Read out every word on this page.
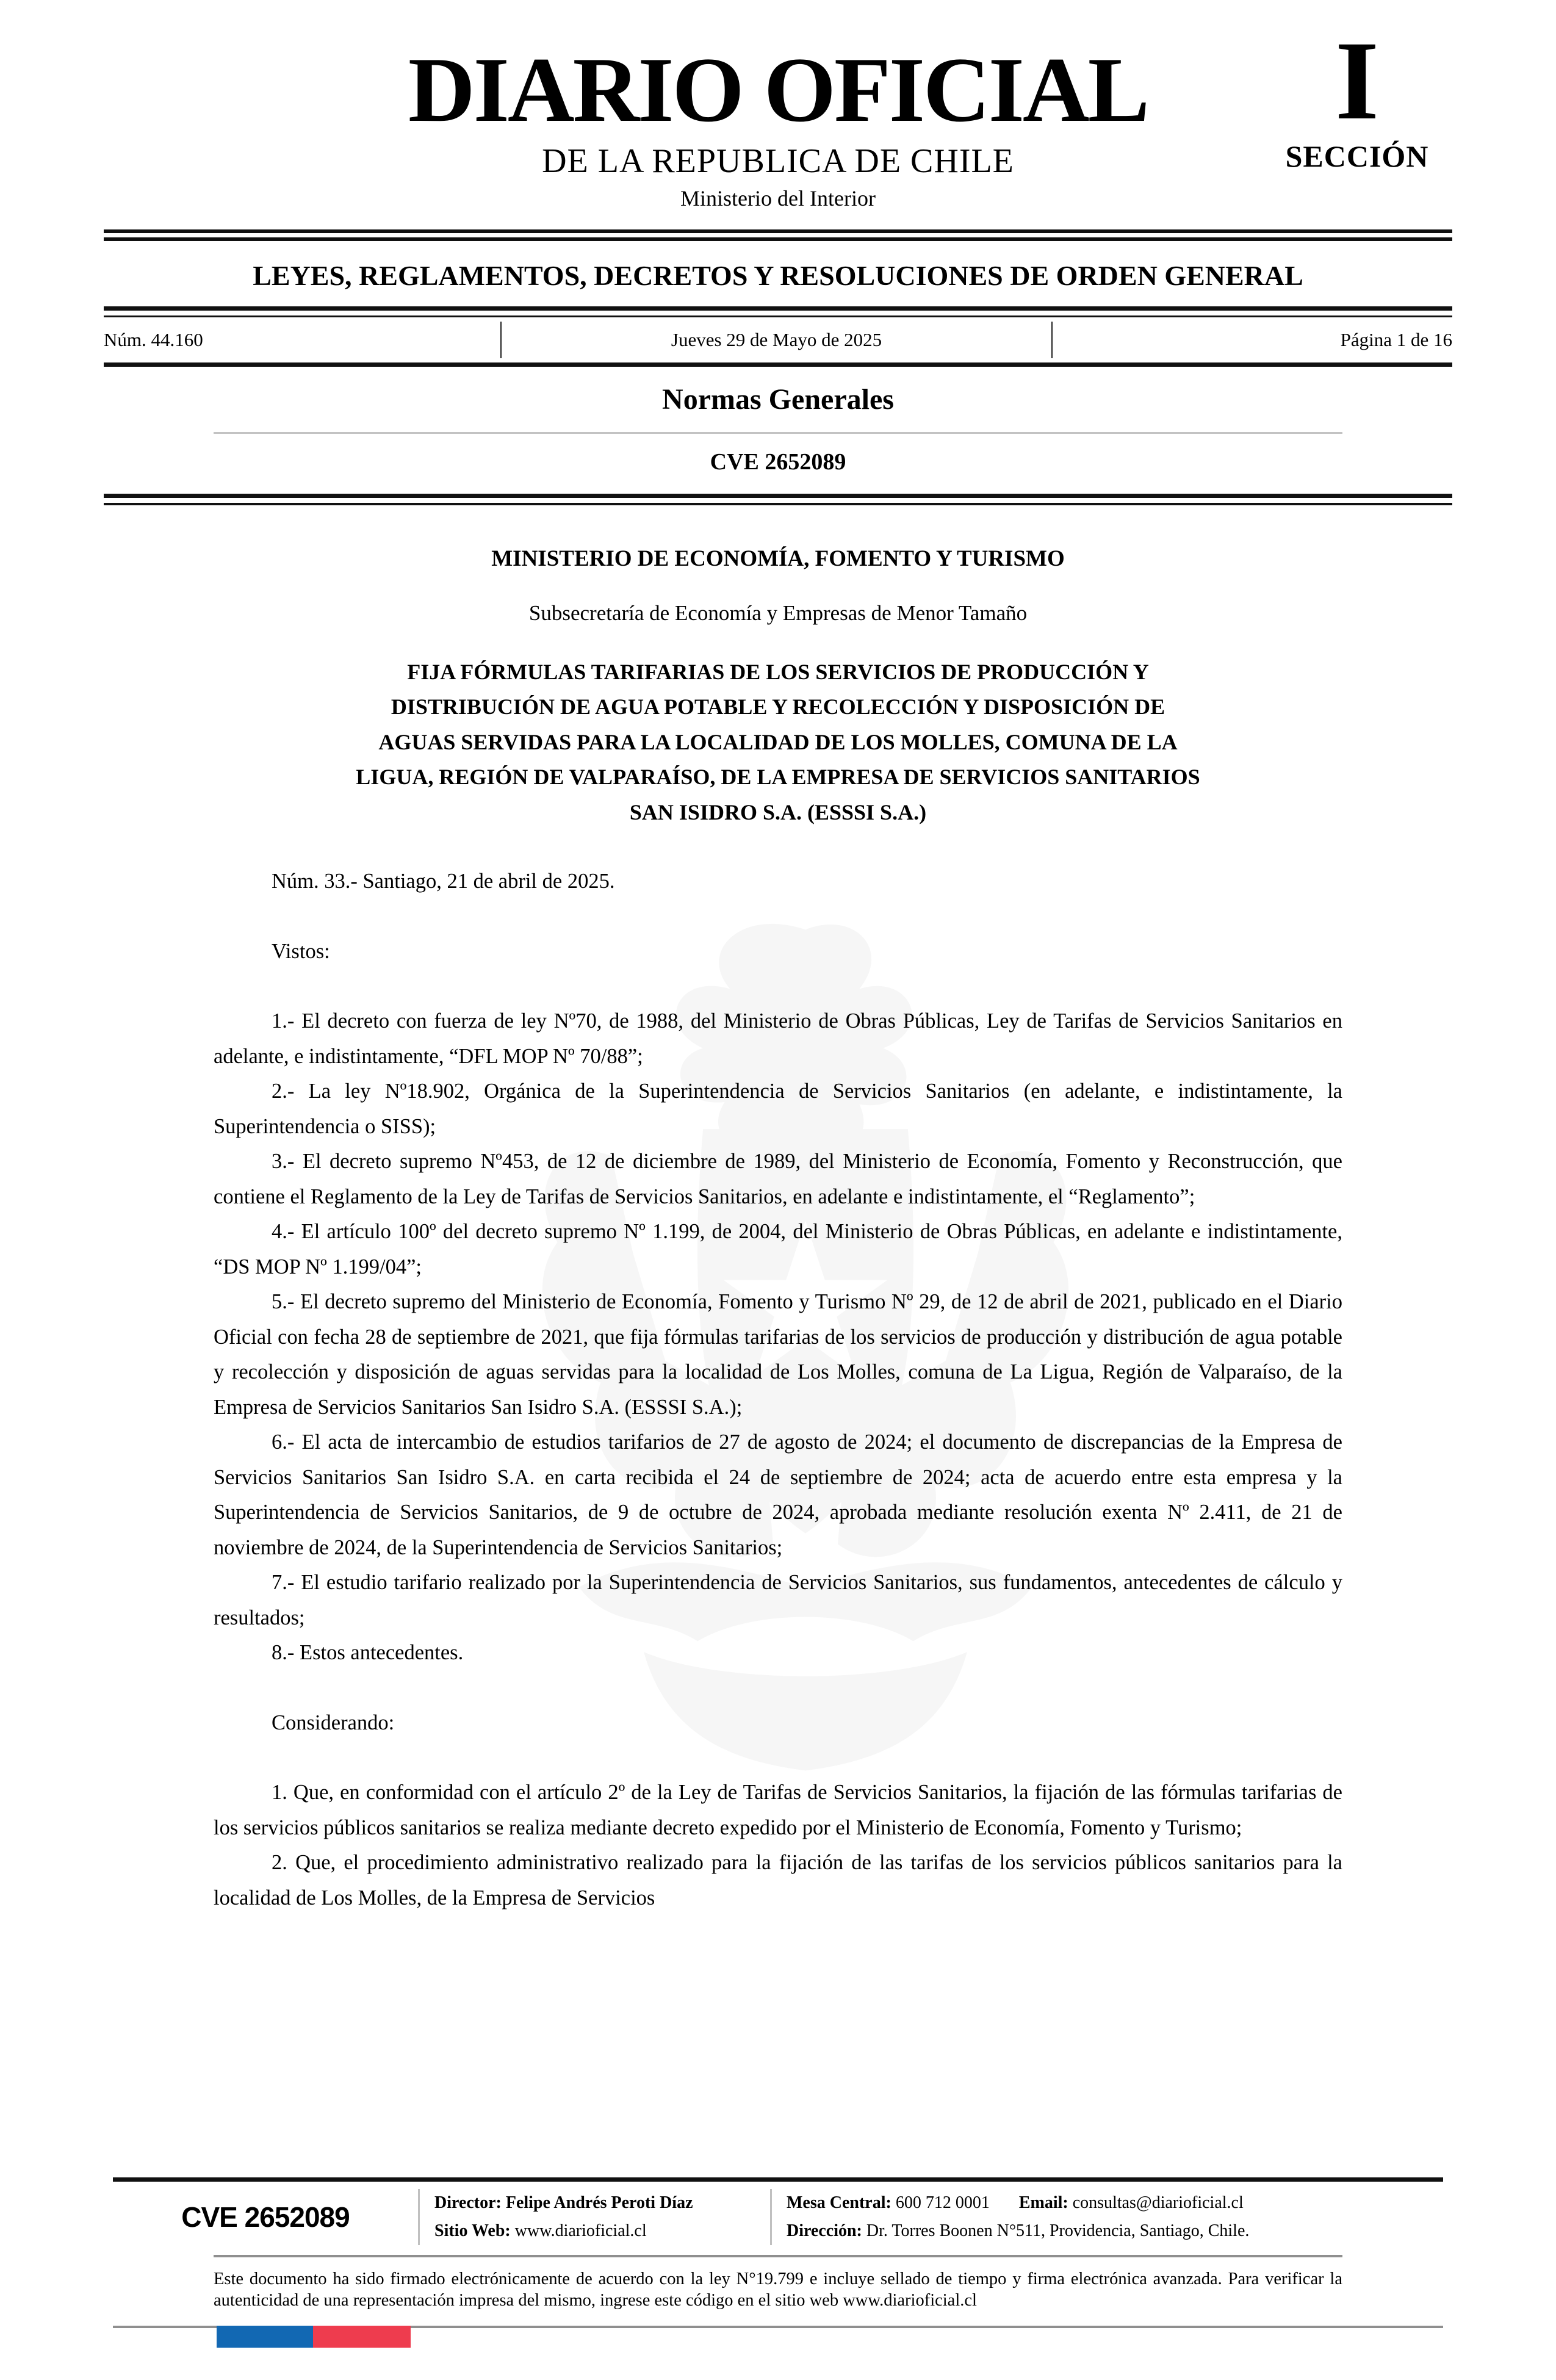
DIARIO OFICIAL
DE LA REPUBLICA DE CHILE
Ministerio del Interior
I
SECCIÓN
LEYES, REGLAMENTOS, DECRETOS Y RESOLUCIONES DE ORDEN GENERAL
Núm. 44.160	Jueves 29 de Mayo de 2025	Página 1 de 16
Normas Generales
CVE 2652089
MINISTERIO DE ECONOMÍA, FOMENTO Y TURISMO
Subsecretaría de Economía y Empresas de Menor Tamaño
FIJA FÓRMULAS TARIFARIAS DE LOS SERVICIOS DE PRODUCCIÓN Y
DISTRIBUCIÓN DE AGUA POTABLE Y RECOLECCIÓN Y DISPOSICIÓN DE
AGUAS SERVIDAS PARA LA LOCALIDAD DE LOS MOLLES, COMUNA DE LA
LIGUA, REGIÓN DE VALPARAÍSO, DE LA EMPRESA DE SERVICIOS SANITARIOS
SAN ISIDRO S.A. (ESSSI S.A.)

Núm. 33.- Santiago, 21 de abril de 2025.

Vistos:

1.- El decreto con fuerza de ley Nº70, de 1988, del Ministerio de Obras Públicas, Ley de Tarifas de Servicios Sanitarios en adelante, e indistintamente, “DFL MOP Nº 70/88”;

2.- La ley Nº18.902, Orgánica de la Superintendencia de Servicios Sanitarios (en adelante, e indistintamente, la Superintendencia o SISS);

3.- El decreto supremo Nº453, de 12 de diciembre de 1989, del Ministerio de Economía, Fomento y Reconstrucción, que contiene el Reglamento de la Ley de Tarifas de Servicios Sanitarios, en adelante e indistintamente, el “Reglamento”;

4.- El artículo 100º del decreto supremo Nº 1.199, de 2004, del Ministerio de Obras Públicas, en adelante e indistintamente, “DS MOP Nº 1.199/04”;

5.- El decreto supremo del Ministerio de Economía, Fomento y Turismo Nº 29, de 12 de abril de 2021, publicado en el Diario Oficial con fecha 28 de septiembre de 2021, que fija fórmulas tarifarias de los servicios de producción y distribución de agua potable y recolección y disposición de aguas servidas para la localidad de Los Molles, comuna de La Ligua, Región de Valparaíso, de la Empresa de Servicios Sanitarios San Isidro S.A. (ESSSI S.A.);

6.- El acta de intercambio de estudios tarifarios de 27 de agosto de 2024; el documento de discrepancias de la Empresa de Servicios Sanitarios San Isidro S.A. en carta recibida el 24 de septiembre de 2024; acta de acuerdo entre esta empresa y la Superintendencia de Servicios Sanitarios, de 9 de octubre de 2024, aprobada mediante resolución exenta Nº 2.411, de 21 de noviembre de 2024, de la Superintendencia de Servicios Sanitarios;

7.- El estudio tarifario realizado por la Superintendencia de Servicios Sanitarios, sus fundamentos, antecedentes de cálculo y resultados;

8.- Estos antecedentes.

Considerando:

1. Que, en conformidad con el artículo 2º de la Ley de Tarifas de Servicios Sanitarios, la fijación de las fórmulas tarifarias de los servicios públicos sanitarios se realiza mediante decreto expedido por el Ministerio de Economía, Fomento y Turismo;

2. Que, el procedimiento administrativo realizado para la fijación de las tarifas de los servicios públicos sanitarios para la localidad de Los Molles, de la Empresa de Servicios

CVE 2652089	Director: Felipe Andrés Peroti Díaz
Sitio Web: www.diarioficial.cl
Mesa Central: 600 712 0001 Email: consultas@diarioficial.cl
Dirección: Dr. Torres Boonen N°511, Providencia, Santiago, Chile.

Este documento ha sido firmado electrónicamente de acuerdo con la ley N°19.799 e incluye sellado de tiempo y firma electrónica avanzada. Para verificar la autenticidad de una representación impresa del mismo, ingrese este código en el sitio web www.diarioficial.cl
